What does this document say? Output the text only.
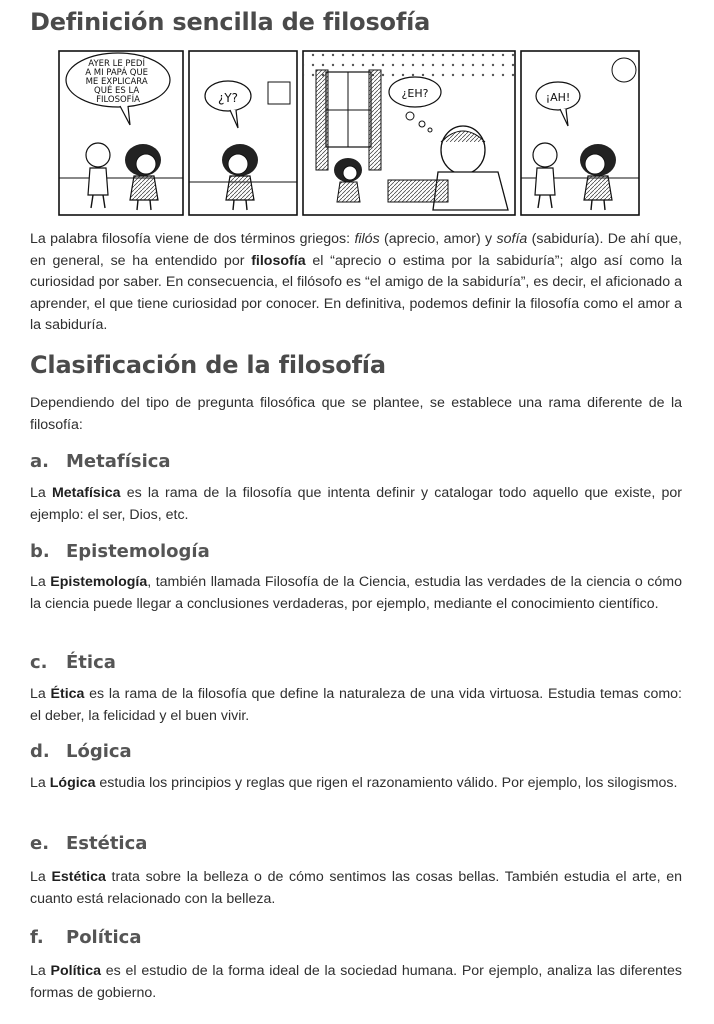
Definición sencilla de filosofía
AYER LE PEDÍ A MI PAPÁ QUE ME EXPLICARA QUÉ ES LA FILOSOFÍA	¿Y?	¿EH?	¡AH!

La palabra filosofía viene de dos términos griegos: filós (aprecio, amor) y sofía (sabiduría). De ahí que, en general, se ha entendido por filosofía el “aprecio o estima por la sabiduría”; algo así como la curiosidad por saber. En consecuencia, el filósofo es “el amigo de la sabiduría”, es decir, el aficionado a aprender, el que tiene curiosidad por conocer. En definitiva, podemos definir la filosofía como el amor a la sabiduría.

Clasificación de la filosofía

Dependiendo del tipo de pregunta filosófica que se plantee, se establece una rama diferente de la filosofía:

a. Metafísica

La Metafísica es la rama de la filosofía que intenta definir y catalogar todo aquello que existe, por ejemplo: el ser, Dios, etc.

b. Epistemología

La Epistemología, también llamada Filosofía de la Ciencia, estudia las verdades de la ciencia o cómo la ciencia puede llegar a conclusiones verdaderas, por ejemplo, mediante el conocimiento científico.

c. Ética

La Ética es la rama de la filosofía que define la naturaleza de una vida virtuosa. Estudia temas como: el deber, la felicidad y el buen vivir.

d. Lógica

La Lógica estudia los principios y reglas que rigen el razonamiento válido. Por ejemplo, los silogismos.

e. Estética

La Estética trata sobre la belleza o de cómo sentimos las cosas bellas. También estudia el arte, en cuanto está relacionado con la belleza.

f. Política

La Política es el estudio de la forma ideal de la sociedad humana. Por ejemplo, analiza las diferentes formas de gobierno.
